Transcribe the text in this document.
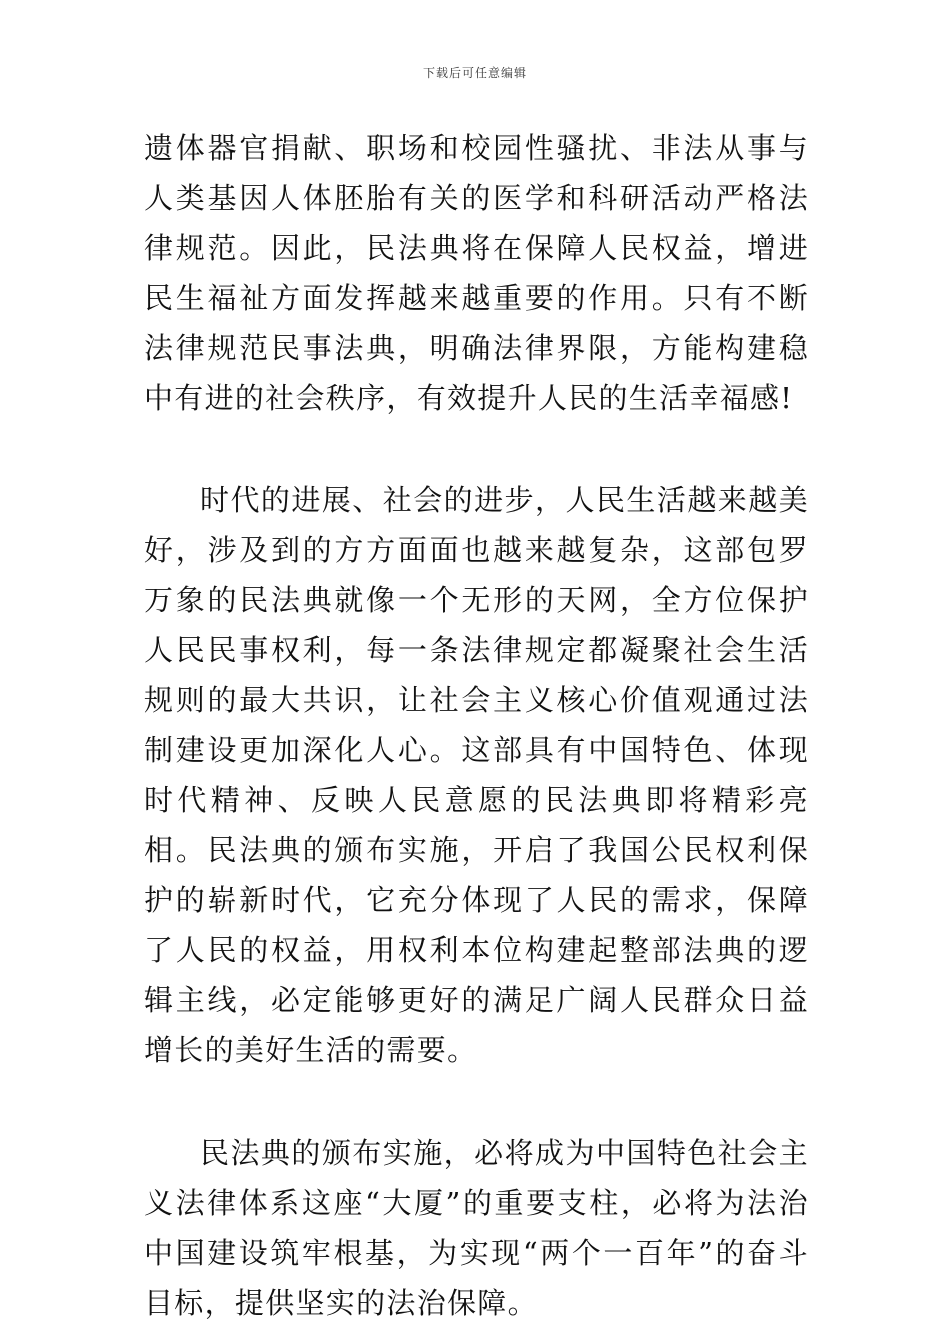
下载后可任意编辑

遗体器官捐献、职场和校园性骚扰、非法从事与人类基因人体胚胎有关的医学和科研活动严格法律规范。因此，民法典将在保障人民权益，增进民生福祉方面发挥越来越重要的作用。只有不断法律规范民事法典，明确法律界限，方能构建稳中有进的社会秩序，有效提升人民的生活幸福感!

时代的进展、社会的进步，人民生活越来越美好，涉及到的方方面面也越来越复杂，这部包罗万象的民法典就像一个无形的天网，全方位保护人民民事权利，每一条法律规定都凝聚社会生活规则的最大共识，让社会主义核心价值观通过法制建设更加深化人心。这部具有中国特色、体现时代精神、反映人民意愿的民法典即将精彩亮相。民法典的颁布实施，开启了我国公民权利保护的崭新时代，它充分体现了人民的需求，保障了人民的权益，用权利本位构建起整部法典的逻辑主线，必定能够更好的满足广阔人民群众日益增长的美好生活的需要。

民法典的颁布实施，必将成为中国特色社会主义法律体系这座“大厦”的重要支柱，必将为法治中国建设筑牢根基，为实现“两个一百年”的奋斗目标，提供坚实的法治保障。
